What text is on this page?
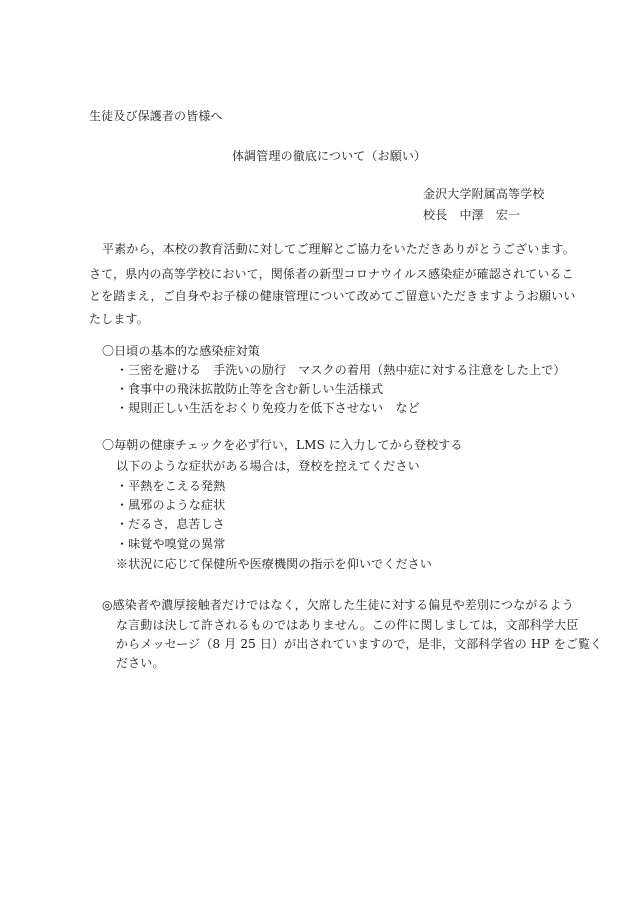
生徒及び保護者の皆様へ
体調管理の徹底について（お願い）
金沢大学附属高等学校
校長　中澤　宏一
平素から，本校の教育活動に対してご理解とご協力をいただきありがとうございます。
さて，県内の高等学校において，関係者の新型コロナウイルス感染症が確認されているこ
とを踏まえ，ご自身やお子様の健康管理について改めてご留意いただきますようお願いい
たします。
〇日頃の基本的な感染症対策
・三密を避ける　手洗いの励行　マスクの着用（熱中症に対する注意をした上で）
・食事中の飛沫拡散防止等を含む新しい生活様式
・規則正しい生活をおくり免疫力を低下させない　など
〇毎朝の健康チェックを必ず行い，LMS に入力してから登校する
以下のような症状がある場合は，登校を控えてください
・平熱をこえる発熱
・風邪のような症状
・だるさ，息苦しさ
・味覚や嗅覚の異常
※状況に応じて保健所や医療機関の指示を仰いでください
◎感染者や濃厚接触者だけではなく，欠席した生徒に対する偏見や差別につながるよう
な言動は決して許されるものではありません。この件に関しましては，文部科学大臣
からメッセージ（8 月 25 日）が出されていますので，是非，文部科学省の HP をご覧く
ださい。
